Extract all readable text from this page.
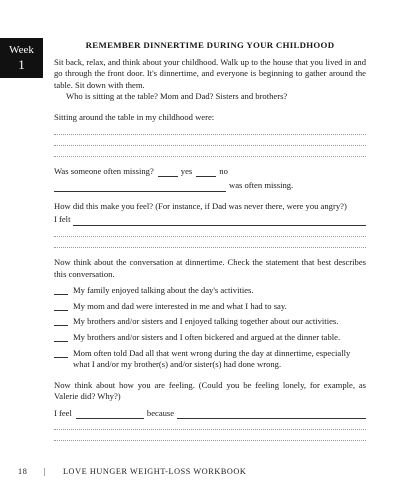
Week
1
REMEMBER DINNERTIME DURING YOUR CHILDHOOD

Sit back, relax, and think about your childhood. Walk up to the house that you lived in and go through the front door. It's dinnertime, and everyone is beginning to gather around the table. Sit down with them.

Who is sitting at the table? Mom and Dad? Sisters and brothers?

Sitting around the table in my childhood were:

Was someone often missing?	yes	no
was often missing.

How did this make you feel? (For instance, if Dad was never there, were you angry?)

I felt

Now think about the conversation at dinnertime. Check the statement that best describes this conversation.

My family enjoyed talking about the day's activities.
My mom and dad were interested in me and what I had to say.
My brothers and/or sisters and I enjoyed talking together about our activities.
My brothers and/or sisters and I often bickered and argued at the dinner table.
Mom often told Dad all that went wrong during the day at dinnertime, especially what I and/or my brother(s) and/or sister(s) had done wrong.

Now think about how you are feeling. (Could you be feeling lonely, for example, as Valerie did? Why?)

I feel	because
18 | LOVE HUNGER WEIGHT-LOSS WORKBOOK
